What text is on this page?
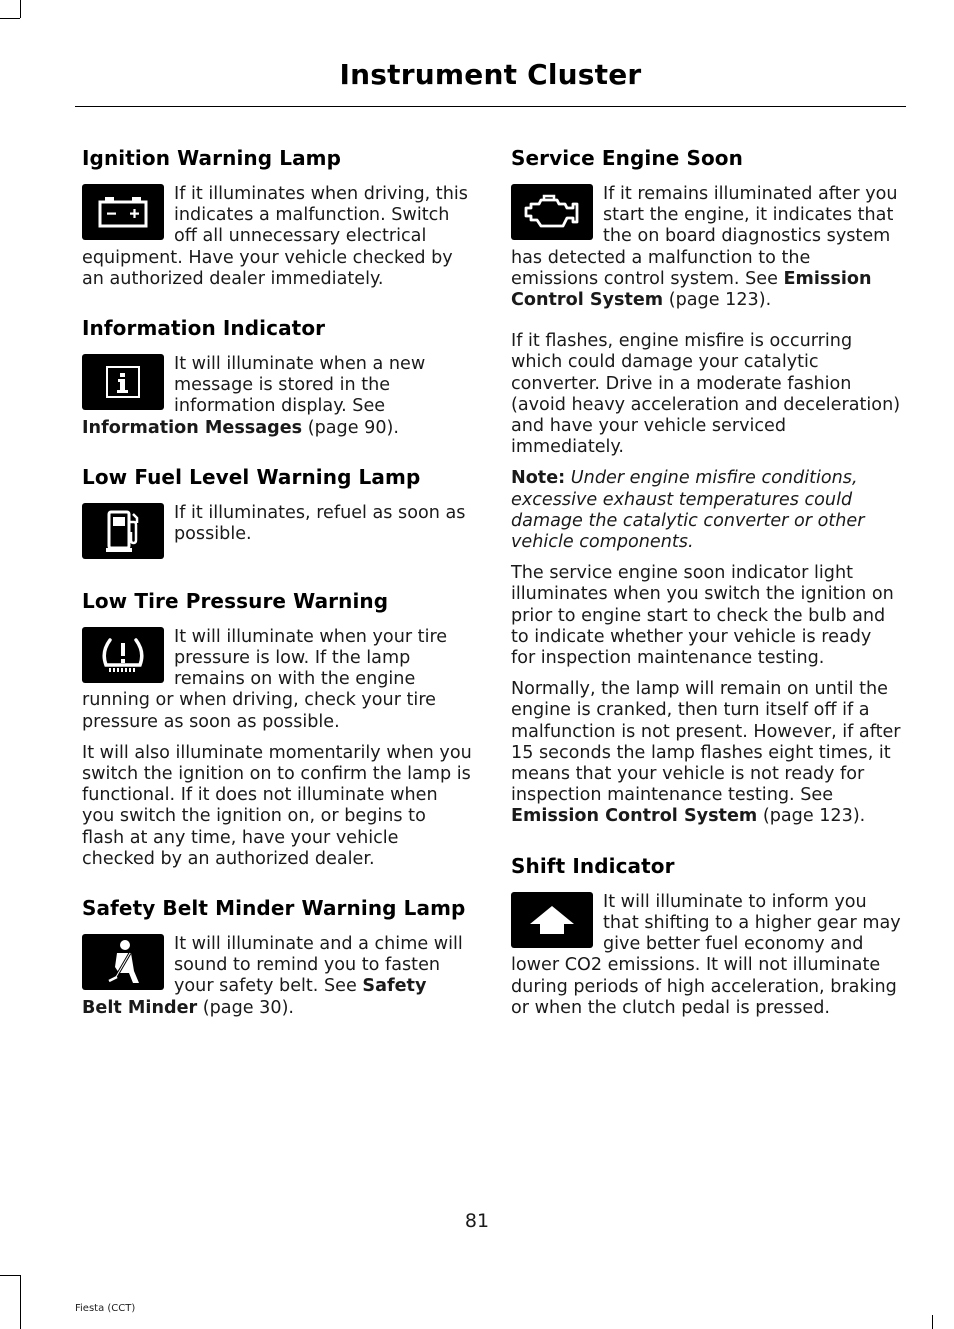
Instrument Cluster
Ignition Warning Lamp

If it illuminates when driving, this indicates a malfunction. Switch off all unnecessary electrical equipment. Have your vehicle checked by an authorized dealer immediately.

Information Indicator

It will illuminate when a new message is stored in the information display. See Information Messages (page 90).

Low Fuel Level Warning Lamp

If it illuminates, refuel as soon as possible.

Low Tire Pressure Warning

It will illuminate when your tire pressure is low. If the lamp remains on with the engine running or when driving, check your tire pressure as soon as possible.

It will also illuminate momentarily when you switch the ignition on to confirm the lamp is functional. If it does not illuminate when you switch the ignition on, or begins to flash at any time, have your vehicle checked by an authorized dealer.

Safety Belt Minder Warning Lamp

It will illuminate and a chime will sound to remind you to fasten your safety belt. See Safety Belt Minder (page 30).

Service Engine Soon

If it remains illuminated after you start the engine, it indicates that the on board diagnostics system has detected a malfunction to the emissions control system. See Emission Control System (page 123).

If it flashes, engine misfire is occurring which could damage your catalytic converter. Drive in a moderate fashion (avoid heavy acceleration and deceleration) and have your vehicle serviced immediately.

Note: Under engine misfire conditions, excessive exhaust temperatures could damage the catalytic converter or other vehicle components.

The service engine soon indicator light illuminates when you switch the ignition on prior to engine start to check the bulb and to indicate whether your vehicle is ready for inspection maintenance testing.

Normally, the lamp will remain on until the engine is cranked, then turn itself off if a malfunction is not present. However, if after 15 seconds the lamp flashes eight times, it means that your vehicle is not ready for inspection maintenance testing. See Emission Control System (page 123).

Shift Indicator

It will illuminate to inform you that shifting to a higher gear may give better fuel economy and lower CO2 emissions. It will not illuminate during periods of high acceleration, braking or when the clutch pedal is pressed.

81
Fiesta (CCT)
